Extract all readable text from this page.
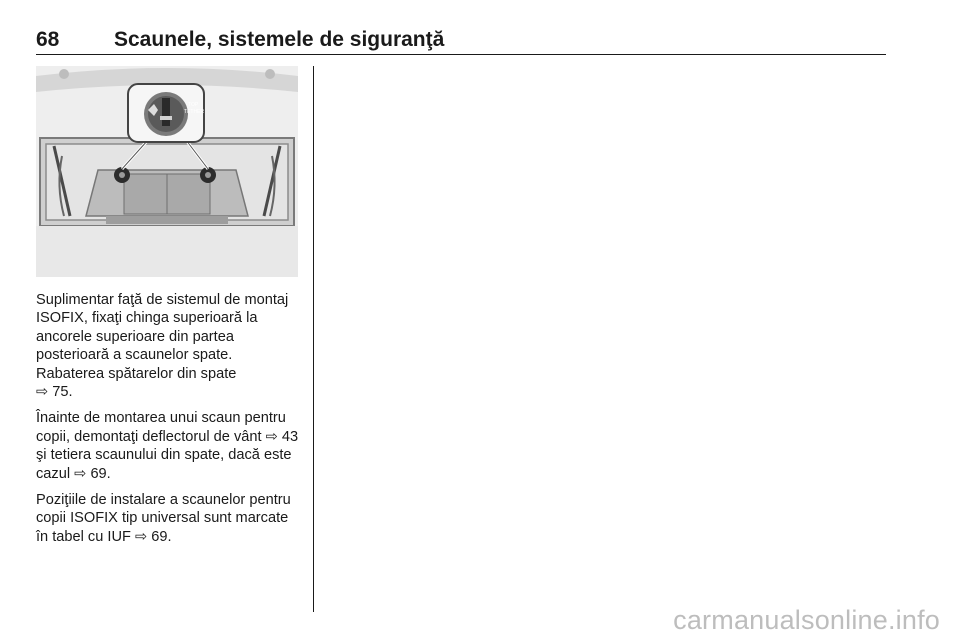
68	Scaunele, sistemele de siguranţă
TOP
TETHER

Suplimentar faţă de sistemul de montaj ISOFIX, fixaţi chinga superioară la ancorele superioare din partea posterioară a scaunelor spate. Rabaterea spătarelor din spate
⇨ 75.

Înainte de montarea unui scaun pentru copii, demontaţi deflectorul de vânt ⇨ 43 şi tetiera scaunului din spate, dacă este cazul ⇨ 69.

Poziţiile de instalare a scaunelor pentru copii ISOFIX tip universal sunt marcate în tabel cu IUF ⇨ 69.

carmanualsonline.info
